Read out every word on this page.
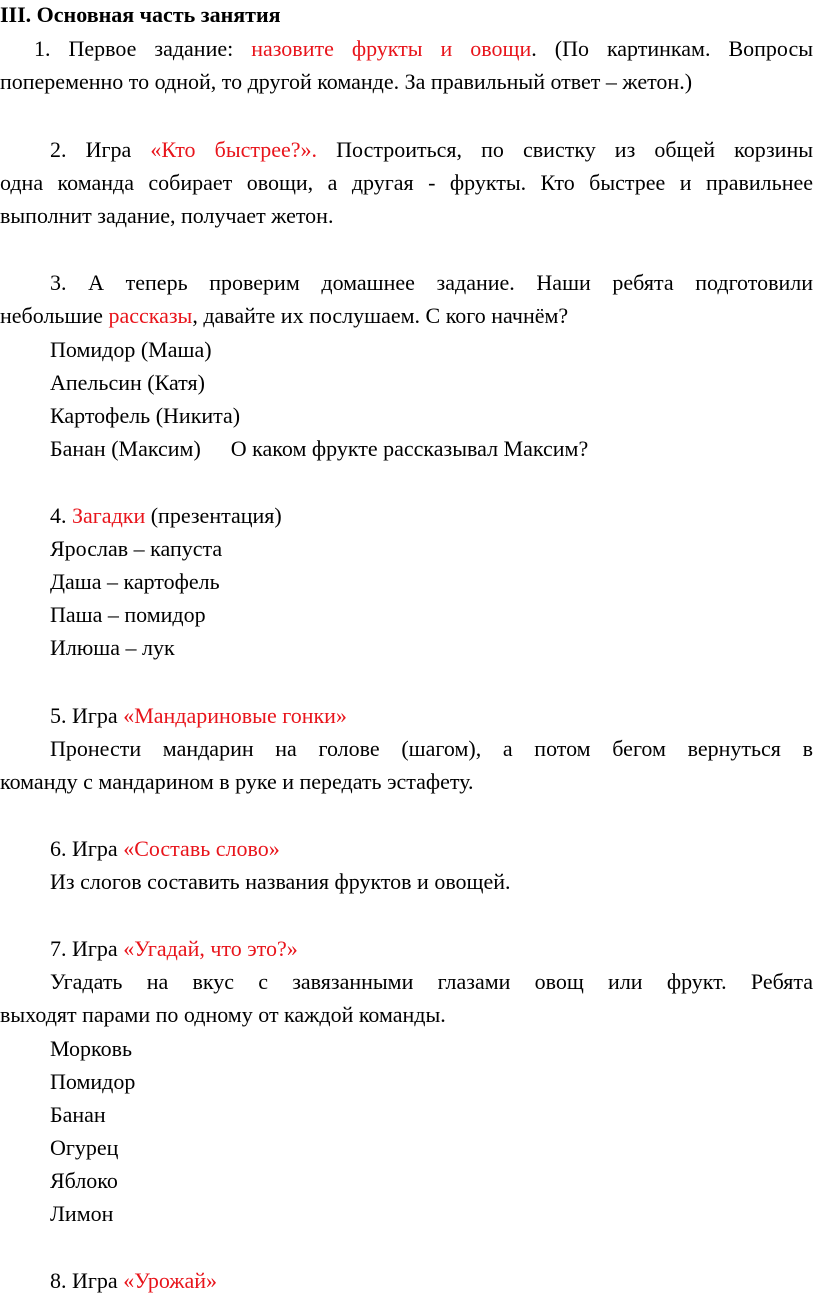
III. Основная часть занятия
1. Первое задание: назовите фрукты и овощи. (По картинкам. Вопросы
попеременно то одной, то другой команде. За правильный ответ – жетон.)
2. Игра «Кто быстрее?». Построиться, по свистку из общей корзины
одна команда собирает овощи, а другая - фрукты. Кто быстрее и правильнее
выполнит задание, получает жетон.
3. А теперь проверим домашнее задание. Наши ребята подготовили
небольшие рассказы, давайте их послушаем. С кого начнём?
Помидор (Маша)
Апельсин (Катя)
Картофель (Никита)
Банан (Максим) О каком фрукте рассказывал Максим?
4. Загадки (презентация)
Ярослав – капуста
Даша – картофель
Паша – помидор
Илюша – лук
5. Игра «Мандариновые гонки»
Пронести мандарин на голове (шагом), а потом бегом вернуться в
команду с мандарином в руке и передать эстафету.
6. Игра «Составь слово»
Из слогов составить названия фруктов и овощей.
7. Игра «Угадай, что это?»
Угадать на вкус с завязанными глазами овощ или фрукт. Ребята
выходят парами по одному от каждой команды.
Морковь
Помидор
Банан
Огурец
Яблоко
Лимон
8. Игра «Урожай»
